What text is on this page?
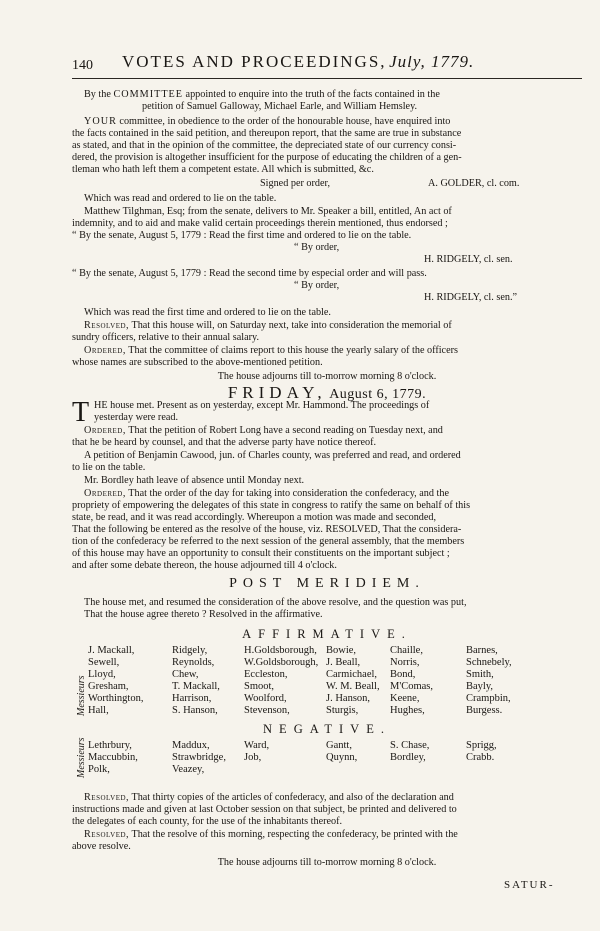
140	VOTES AND PROCEEDINGS, July, 1779.
By the COMMITTEE appointed to enquire into the truth of the facts contained in the
petition of Samuel Galloway, Michael Earle, and William Hemsley.
YOUR committee, in obedience to the order of the honourable house, have enquired into
the facts contained in the said petition, and thereupon report, that the same are true in substance
as stated, and that in the opinion of the committee, the depreciated state of our currency consi-
dered, the provision is altogether insufficient for the purpose of educating the children of a gen-
tleman who hath left them a competent estate. All which is submitted, &c.
Signed per order,	A. GOLDER, cl. com.
Which was read and ordered to lie on the table.
Matthew Tilghman, Esq; from the senate, delivers to Mr. Speaker a bill, entitled, An act of
indemnity, and to aid and make valid certain proceedings therein mentioned, thus endorsed ;
“ By the senate, August 5, 1779 : Read the first time and ordered to lie on the table.
“ By order,
H. RIDGELY, cl. sen.
“ By the senate, August 5, 1779 : Read the second time by especial order and will pass.
“ By order,
H. RIDGELY, cl. sen.”
Which was read the first time and ordered to lie on the table.
Resolved, That this house will, on Saturday next, take into consideration the memorial of
sundry officers, relative to their annual salary.
Ordered, That the committee of claims report to this house the yearly salary of the officers
whose names are subscribed to the above-mentioned petition.
The house adjourns till to-morrow morning 8 o'clock.
FRIDAY, August 6, 1779.
T HE house met. Present as on yesterday, except Mr. Hammond. The proceedings of
yesterday were read.
Ordered, That the petition of Robert Long have a second reading on Tuesday next, and
that he be heard by counsel, and that the adverse party have notice thereof.
A petition of Benjamin Cawood, jun. of Charles county, was preferred and read, and ordered
to lie on the table.
Mr. Bordley hath leave of absence until Monday next.
Ordered, That the order of the day for taking into consideration the confederacy, and the
propriety of empowering the delegates of this state in congress to ratify the same on behalf of this
state, be read, and it was read accordingly. Whereupon a motion was made and seconded,
That the following be entered as the resolve of the house, viz. RESOLVED, That the considera-
tion of the confederacy be referred to the next session of the general assembly, that the members
of this house may have an opportunity to consult their constituents on the important subject ;
and after some debate thereon, the house adjourned till 4 o'clock.
POST MERIDIEM.
The house met, and resumed the consideration of the above resolve, and the question was put,
That the house agree thereto ? Resolved in the affirmative.
AFFIRMATIVE.
Messieurs
J. Mackall,	Ridgely,	H.Goldsborough, Bowie,	Chaille,	Barnes,
Sewell,	Reynolds,	W.Goldsborough, J. Beall,	Norris,	Schnebely,
Lloyd,	Chew,	Eccleston,	Carmichael,	Bond,	Smith,
Gresham,	T. Mackall,	Smoot,	W. M. Beall, M'Comas,	Bayly,
Worthington,	Harrison,	Woolford,	J. Hanson,	Keene,	Crampbin,
Hall,	S. Hanson,	Stevenson,	Sturgis,	Hughes,	Burgess.
NEGATIVE.
Messieurs Lethrbury,	Maddux,	Ward,	Gantt,	S. Chase,	Sprigg,
Maccubbin,	Strawbridge,	Job,	Quynn,	Bordley,	Crabb.
Polk,	Veazey,
Resolved, That thirty copies of the articles of confederacy, and also of the declaration and
instructions made and given at last October session on that subject, be printed and delivered to
the delegates of each county, for the use of the inhabitants thereof.
Resolved, That the resolve of this morning, respecting the confederacy, be printed with the
above resolve.
The house adjourns till to-morrow morning 8 o'clock.
SATUR-
